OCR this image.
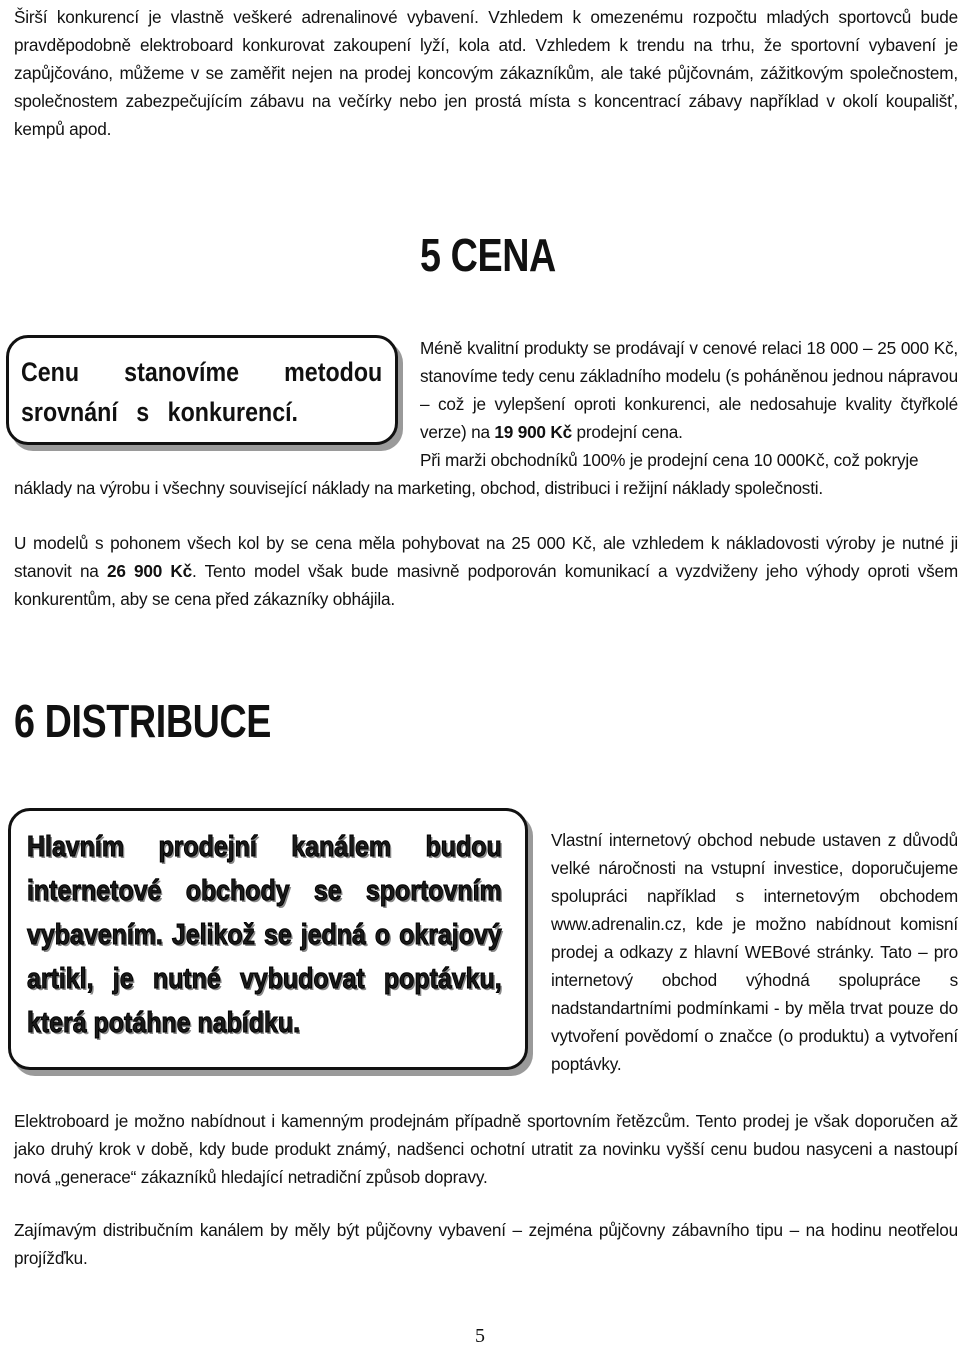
Širší konkurencí je vlastně veškeré adrenalinové vybavení. Vzhledem k omezenému rozpočtu mladých sportovců bude pravděpodobně elektroboard konkurovat zakoupení lyží, kola atd. Vzhledem k trendu na trhu, že sportovní vybavení je zapůjčováno, můžeme v se zaměřit nejen na prodej koncovým zákazníkům, ale také půjčovnám, zážitkovým společnostem, společnostem zabezpečujícím zábavu na večírky nebo jen prostá místa s koncentrací zábavy například v okolí koupališť, kempů apod.

5 CENA

Cenu stanovíme metodou srovnání s konkurencí.

Méně kvalitní produkty se prodávají v cenové relaci 18 000 – 25 000 Kč, stanovíme tedy cenu základního modelu (s poháněnou jednou nápravou – což je vylepšení oproti konkurenci, ale nedosahuje kvality čtyřkolé verze) na 19 900 Kč prodejní cena.

Při marži obchodníků 100% je prodejní cena 10 000Kč, což pokryje

náklady na výrobu i všechny související náklady na marketing, obchod, distribuci i režijní náklady společnosti.

U modelů s pohonem všech kol by se cena měla pohybovat na 25 000 Kč, ale vzhledem k nákladovosti výroby je nutné ji stanovit na 26 900 Kč. Tento model však bude masivně podporován komunikací a vyzdviženy jeho výhody oproti všem konkurentům, aby se cena před zákazníky obhájila.

6 DISTRIBUCE

Hlavním prodejní kanálem budou internetové obchody se sportovním vybavením. Jelikož se jedná o okrajový artikl, je nutné vybudovat poptávku, která potáhne nabídku.

Vlastní internetový obchod nebude ustaven z důvodů velké náročnosti na vstupní investice, doporučujeme spolupráci například s internetovým obchodem www.adrenalin.cz, kde je možno nabídnout komisní prodej a odkazy z hlavní WEBové stránky. Tato – pro internetový obchod výhodná spolupráce s nadstandartními podmínkami - by měla trvat pouze do vytvoření povědomí o značce (o produktu) a vytvoření poptávky.

Elektroboard je možno nabídnout i kamenným prodejnám případně sportovním řetězcům. Tento prodej je však doporučen až jako druhý krok v době, kdy bude produkt známý, nadšenci ochotní utratit za novinku vyšší cenu budou nasyceni a nastoupí nová „generace“ zákazníků hledající netradiční způsob dopravy.

Zajímavým distribučním kanálem by měly být půjčovny vybavení – zejména půjčovny zábavního tipu – na hodinu neotřelou projížďku.

5
